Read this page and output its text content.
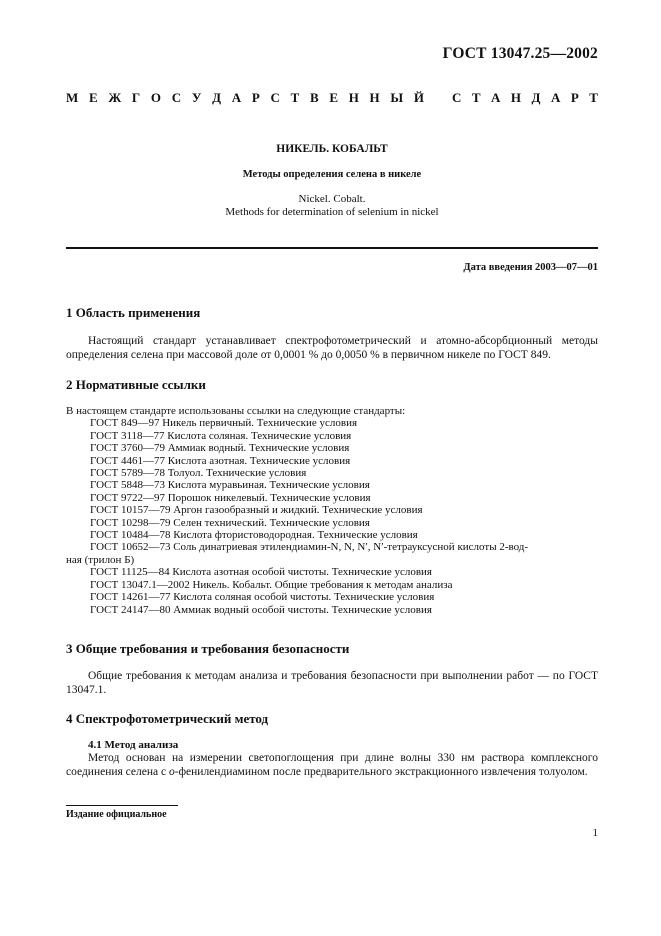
ГОСТ 13047.25—2002
М Е Ж Г О С У Д А Р С Т В Е Н Н Ы Й С Т А Н Д А Р Т
НИКЕЛЬ. КОБАЛЬТ
Методы определения селена в никеле
Nickel. Cobalt.
Methods for determination of selenium in nickel
Дата введения 2003—07—01
1 Область применения
Настоящий стандарт устанавливает спектрофотометрический и атомно-абсорбционный методы определения селена при массовой доле от 0,0001 % до 0,0050 % в первичном никеле по ГОСТ 849.
2 Нормативные ссылки
В настоящем стандарте использованы ссылки на следующие стандарты:
ГОСТ 849—97 Никель первичный. Технические условия
ГОСТ 3118—77 Кислота соляная. Технические условия
ГОСТ 3760—79 Аммиак водный. Технические условия
ГОСТ 4461—77 Кислота азотная. Технические условия
ГОСТ 5789—78 Толуол. Технические условия
ГОСТ 5848—73 Кислота муравьиная. Технические условия
ГОСТ 9722—97 Порошок никелевый. Технические условия
ГОСТ 10157—79 Аргон газообразный и жидкий. Технические условия
ГОСТ 10298—79 Селен технический. Технические условия
ГОСТ 10484—78 Кислота фтористоводородная. Технические условия
ГОСТ 10652—73 Соль динатриевая этилендиамин-N, N, N′, N′-тетрауксусной кислоты 2-вод-
ная (трилон Б)
ГОСТ 11125—84 Кислота азотная особой чистоты. Технические условия
ГОСТ 13047.1—2002 Никель. Кобальт. Общие требования к методам анализа
ГОСТ 14261—77 Кислота соляная особой чистоты. Технические условия
ГОСТ 24147—80 Аммиак водный особой чистоты. Технические условия
3 Общие требования и требования безопасности
Общие требования к методам анализа и требования безопасности при выполнении работ — по ГОСТ 13047.1.
4 Спектрофотометрический метод
4.1 Метод анализа
Метод основан на измерении светопоглощения при длине волны 330 нм раствора комплексного соединения селена с о-фенилендиамином после предварительного экстракционного извлечения толуолом.
Издание официальное
1
